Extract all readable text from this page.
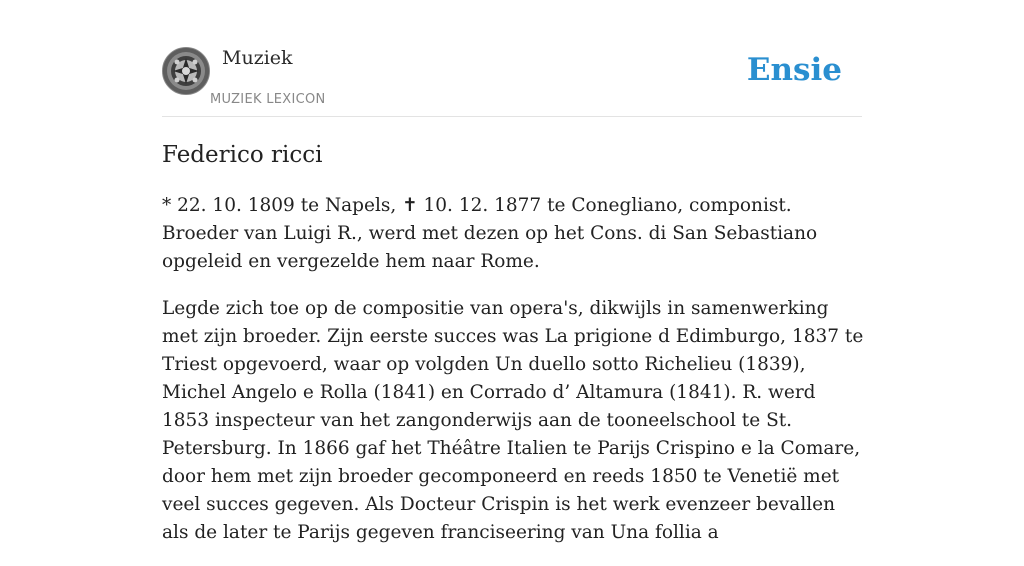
Muziek
MUZIEK LEXICON
Ensie
Federico ricci

* 22. 10. 1809 te Napels, ✝ 10. 12. 1877 te Conegliano, componist. Broeder van Luigi R., werd met dezen op het Cons. di San Sebastiano opgeleid en vergezelde hem naar Rome.

Legde zich toe op de compositie van opera's, dikwijls in samenwerking met zijn broeder. Zijn eerste succes was La prigione d Edimburgo, 1837 te Triest opgevoerd, waar op volgden Un duello sotto Richelieu (1839), Michel Angelo e Rolla (1841) en Corrado d’ Altamura (1841). R. werd 1853 inspecteur van het zangonderwijs aan de tooneelschool te St. Petersburg. In 1866 gaf het Théâtre Italien te Parijs Crispino e la Comare, door hem met zijn broeder gecomponeerd en reeds 1850 te Venetië met veel succes gegeven. Als Docteur Crispin is het werk evenzeer bevallen als de later te Parijs gegeven franciseering van Una follia a
